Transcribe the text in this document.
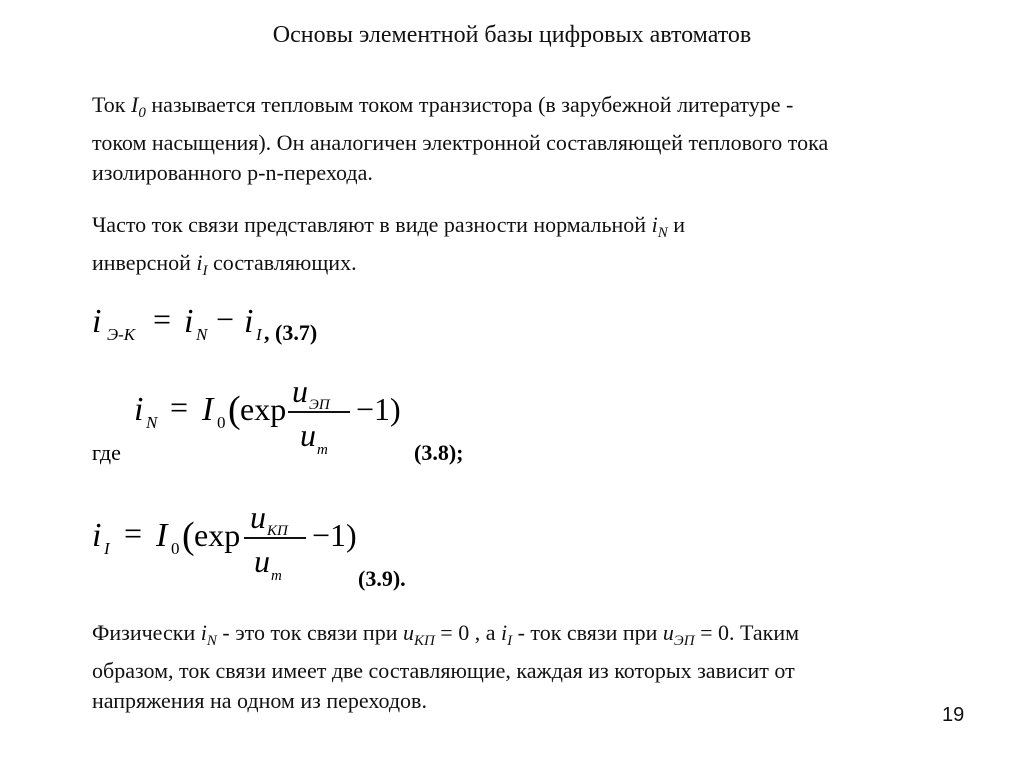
Основы элементной базы цифровых автоматов

Ток $I_0$ называется тепловым током транзистора (в зарубежной литературе -
током насыщения). Он аналогичен электронной составляющей теплового тока
изолированного p-n-перехода.

Часто ток связи представляют в виде разности нормальной $i_N$ и
инверсной $i_I$ составляющих.

i Э-К = i N − i I , (3.7)
i N = I 0 ( exp u ЭП
u m
−1)
где	(3.8);
i I = I 0 ( exp u КП
u m
−1)
(3.9).

Физически $i_N$ - это ток связи при $u_{КП} = 0$ , а $i_I$ - ток связи при $u_{ЭП} = 0$. Таким
образом, ток связи имеет две составляющие, каждая из которых зависит от
напряжения на одном из переходов.

19
